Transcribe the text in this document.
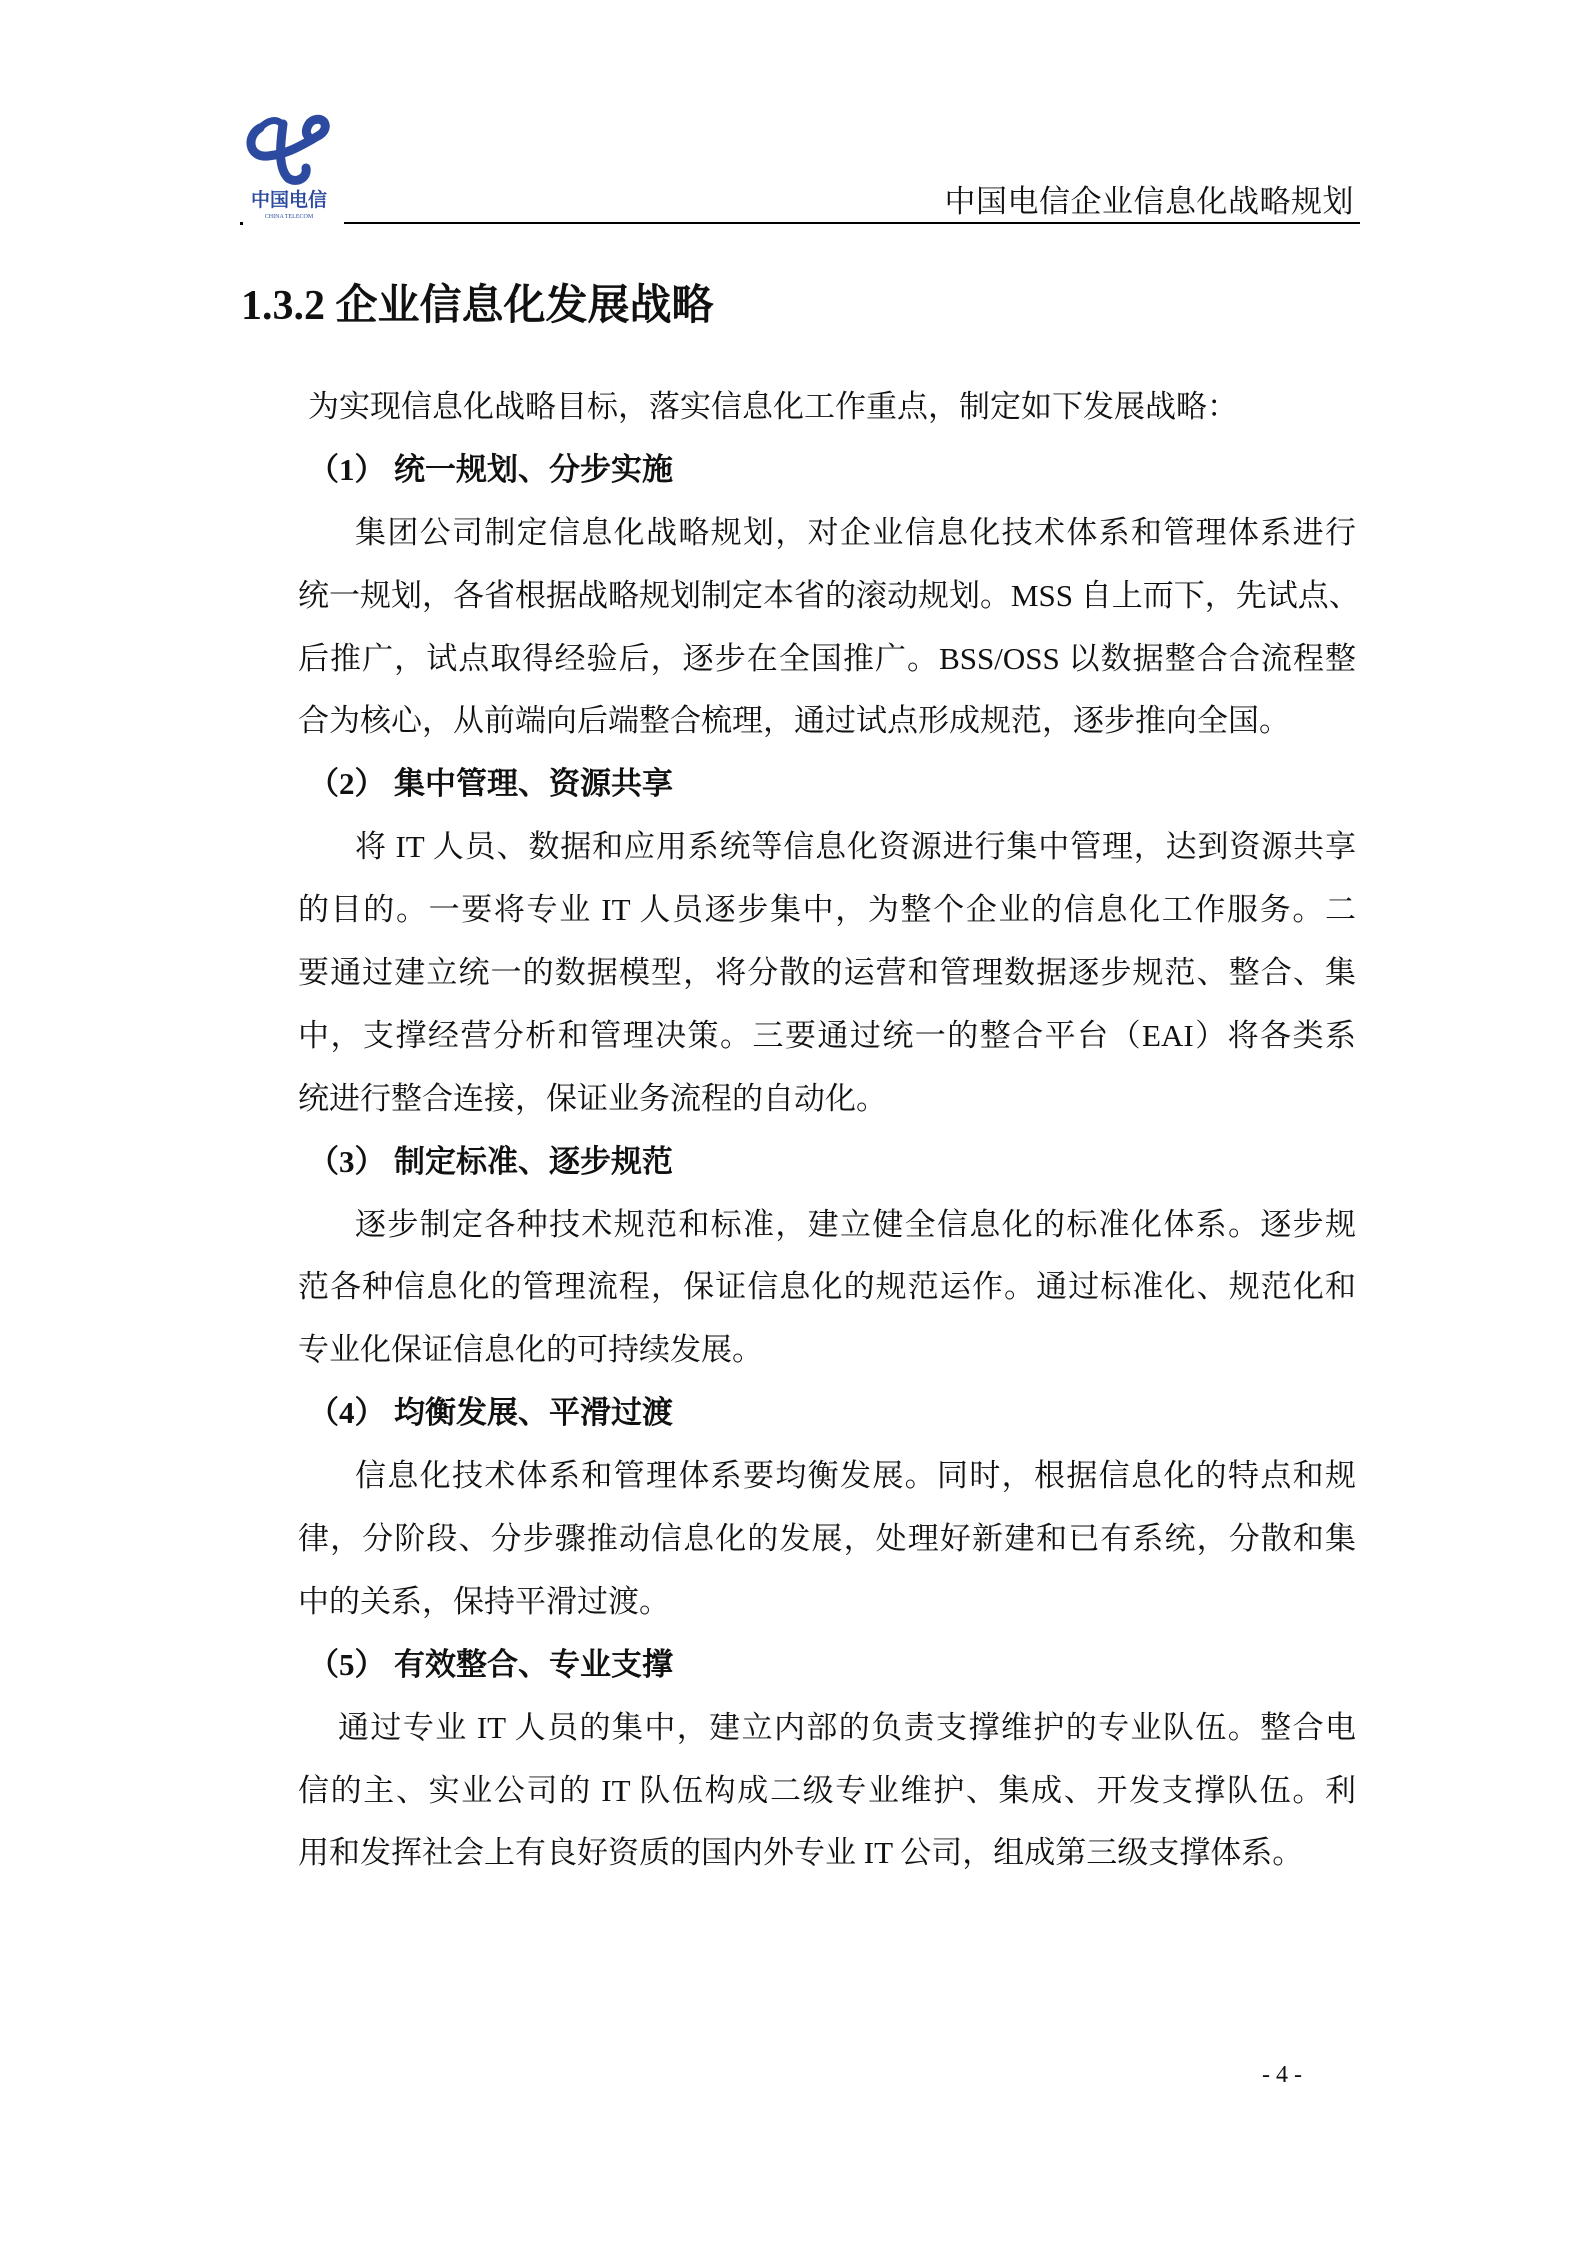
中国电信
CHINA TELECOM	中国电信企业信息化战略规划
1.3.2 企业信息化发展战略
为实现信息化战略目标，落实信息化工作重点，制定如下发展战略：
（1） 统一规划、分步实施
集团公司制定信息化战略规划，对企业信息化技术体系和管理体系进行
统一规划，各省根据战略规划制定本省的滚动规划。MSS 自上而下，先试点、
后推广，试点取得经验后，逐步在全国推广。BSS/OSS 以数据整合合流程整
合为核心，从前端向后端整合梳理，通过试点形成规范，逐步推向全国。
（2） 集中管理、资源共享
将 IT 人员、数据和应用系统等信息化资源进行集中管理，达到资源共享
的目的。一要将专业 IT 人员逐步集中，为整个企业的信息化工作服务。二
要通过建立统一的数据模型，将分散的运营和管理数据逐步规范、整合、集
中，支撑经营分析和管理决策。三要通过统一的整合平台（EAI）将各类系
统进行整合连接，保证业务流程的自动化。
（3） 制定标准、逐步规范
逐步制定各种技术规范和标准，建立健全信息化的标准化体系。逐步规
范各种信息化的管理流程，保证信息化的规范运作。通过标准化、规范化和
专业化保证信息化的可持续发展。
（4） 均衡发展、平滑过渡
信息化技术体系和管理体系要均衡发展。同时，根据信息化的特点和规
律，分阶段、分步骤推动信息化的发展，处理好新建和已有系统，分散和集
中的关系，保持平滑过渡。
（5） 有效整合、专业支撑
通过专业 IT 人员的集中，建立内部的负责支撑维护的专业队伍。整合电
信的主、实业公司的 IT 队伍构成二级专业维护、集成、开发支撑队伍。利
用和发挥社会上有良好资质的国内外专业 IT 公司，组成第三级支撑体系。
- 4 -
